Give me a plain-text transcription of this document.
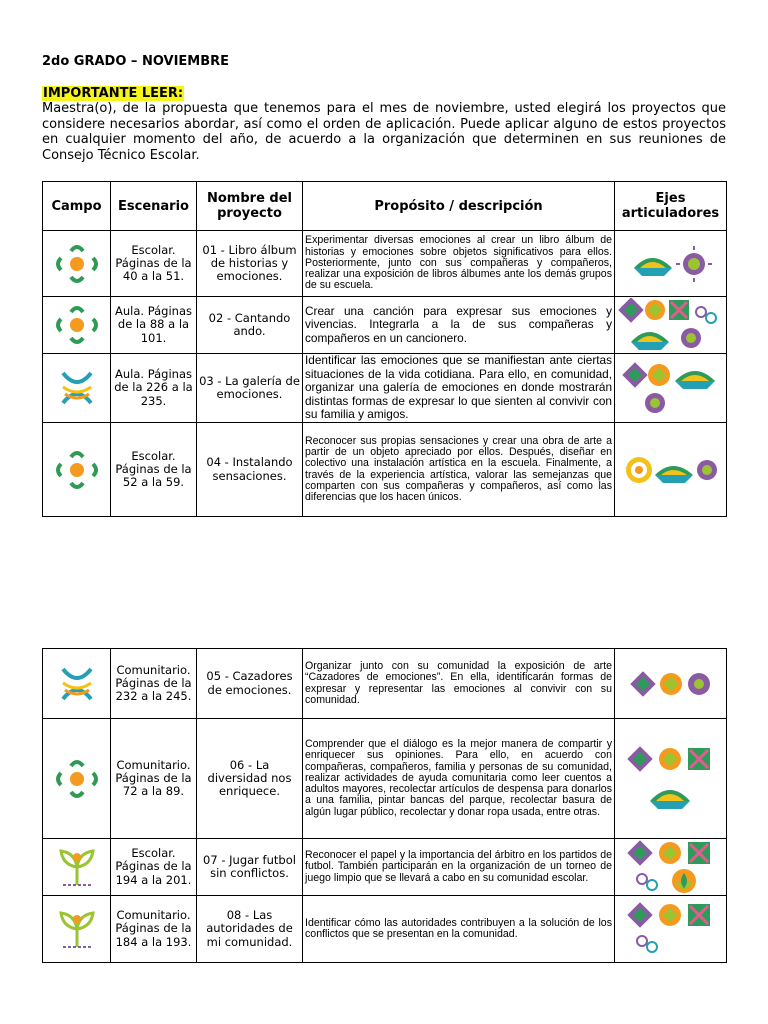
2do GRADO – NOVIEMBRE
IMPORTANTE LEER:
Maestra(o), de la propuesta que tenemos para el mes de noviembre, usted elegirá los proyectos que considere necesarios abordar, así como el orden de aplicación. Puede aplicar alguno de estos proyectos en cualquier momento del año, de acuerdo a la organización que determinen en sus reuniones de Consejo Técnico Escolar.
Campo	Escenario	Nombre del proyecto	Propósito / descripción	Ejes articuladores

	Escolar. Páginas de la 40 a la 51.	01 - Libro álbum de historias y emociones.	Experimentar diversas emociones al crear un libro álbum de historias y emociones sobre objetos significativos para ellos. Posteriormente, junto con sus compañeras y compañeros, realizar una exposición de libros álbumes ante los demás grupos de su escuela.	

	Aula. Páginas de la 88 a la 101.	02 - Cantando ando.	Crear una canción para expresar sus emociones y vivencias. Integrarla a la de sus compañeras y compañeros en un cancionero.	

	Aula. Páginas de la 226 a la 235.	03 - La galería de emociones.	Identificar las emociones que se manifiestan ante ciertas situaciones de la vida cotidiana. Para ello, en comunidad, organizar una galería de emociones en donde mostrarán distintas formas de expresar lo que sienten al convivir con su familia y amigos.	

	Escolar. Páginas de la 52 a la 59.	04 - Instalando sensaciones.	Reconocer sus propias sensaciones y crear una obra de arte a partir de un objeto apreciado por ellos. Después, diseñar en colectivo una instalación artística en la escuela. Finalmente, a través de la experiencia artística, valorar las semejanzas que comparten con sus compañeras y compañeros, así como las diferencias que los hacen únicos.	
	Comunitario. Páginas de la 232 a la 245.	05 - Cazadores de emociones.	Organizar junto con su comunidad la exposición de arte “Cazadores de emociones”. En ella, identificarán formas de expresar y representar las emociones al convivir con su comunidad.	

	Comunitario. Páginas de la 72 a la 89.	06 - La diversidad nos enriquece.	Comprender que el diálogo es la mejor manera de compartir y enriquecer sus opiniones. Para ello, en acuerdo con compañeras, compañeros, familia y personas de su comunidad, realizar actividades de ayuda comunitaria como leer cuentos a adultos mayores, recolectar artículos de despensa para donarlos a una familia, pintar bancas del parque, recolectar basura de algún lugar público, recolectar y donar ropa usada, entre otras.	

	Escolar. Páginas de la 194 a la 201.	07 - Jugar futbol sin conflictos.	Reconocer el papel y la importancia del árbitro en los partidos de futbol. También participarán en la organización de un torneo de juego limpio que se llevará a cabo en su comunidad escolar.	

	Comunitario. Páginas de la 184 a la 193.	08 - Las autoridades de mi comunidad.	Identificar cómo las autoridades contribuyen a la solución de los conflictos que se presentan en la comunidad.	
